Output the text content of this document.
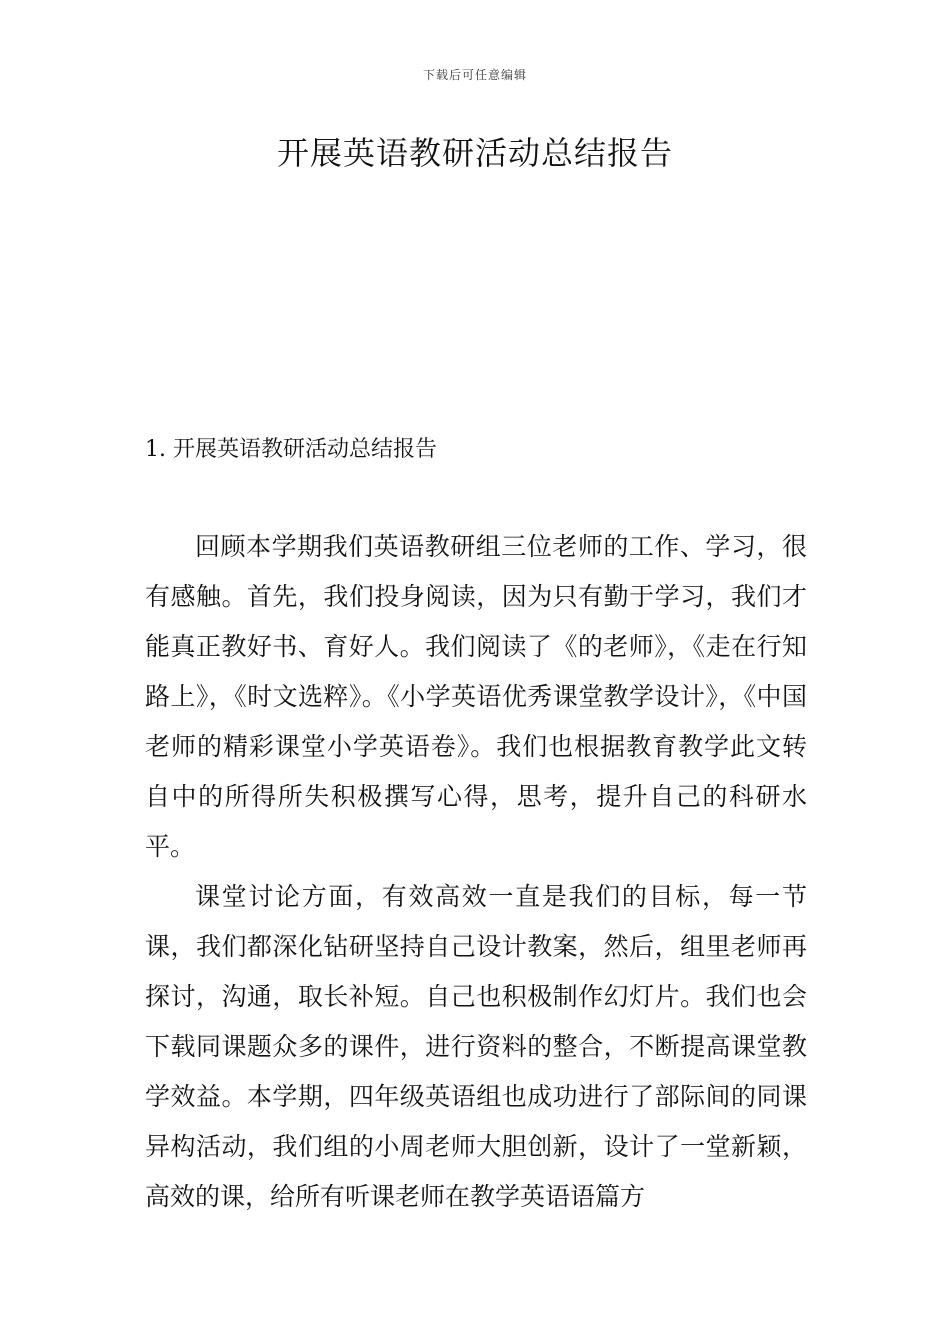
下载后可任意编辑
开展英语教研活动总结报告
1. 开展英语教研活动总结报告

回顾本学期我们英语教研组三位老师的工作、学习，很有感触。首先，我们投身阅读，因为只有勤于学习，我们才能真正教好书、育好人。我们阅读了《的老师》，《走在行知路上》，《时文选粹》。《小学英语优秀课堂教学设计》，《中国老师的精彩课堂小学英语卷》。我们也根据教育教学此文转自中的所得所失积极撰写心得，思考，提升自己的科研水平。

课堂讨论方面，有效高效一直是我们的目标，每一节课，我们都深化钻研坚持自己设计教案，然后，组里老师再探讨，沟通，取长补短。自己也积极制作幻灯片。我们也会下载同课题众多的课件，进行资料的整合，不断提高课堂教学效益。本学期，四年级英语组也成功进行了部际间的同课异构活动，我们组的小周老师大胆创新，设计了一堂新颖，高效的课，给所有听课老师在教学英语语篇方
